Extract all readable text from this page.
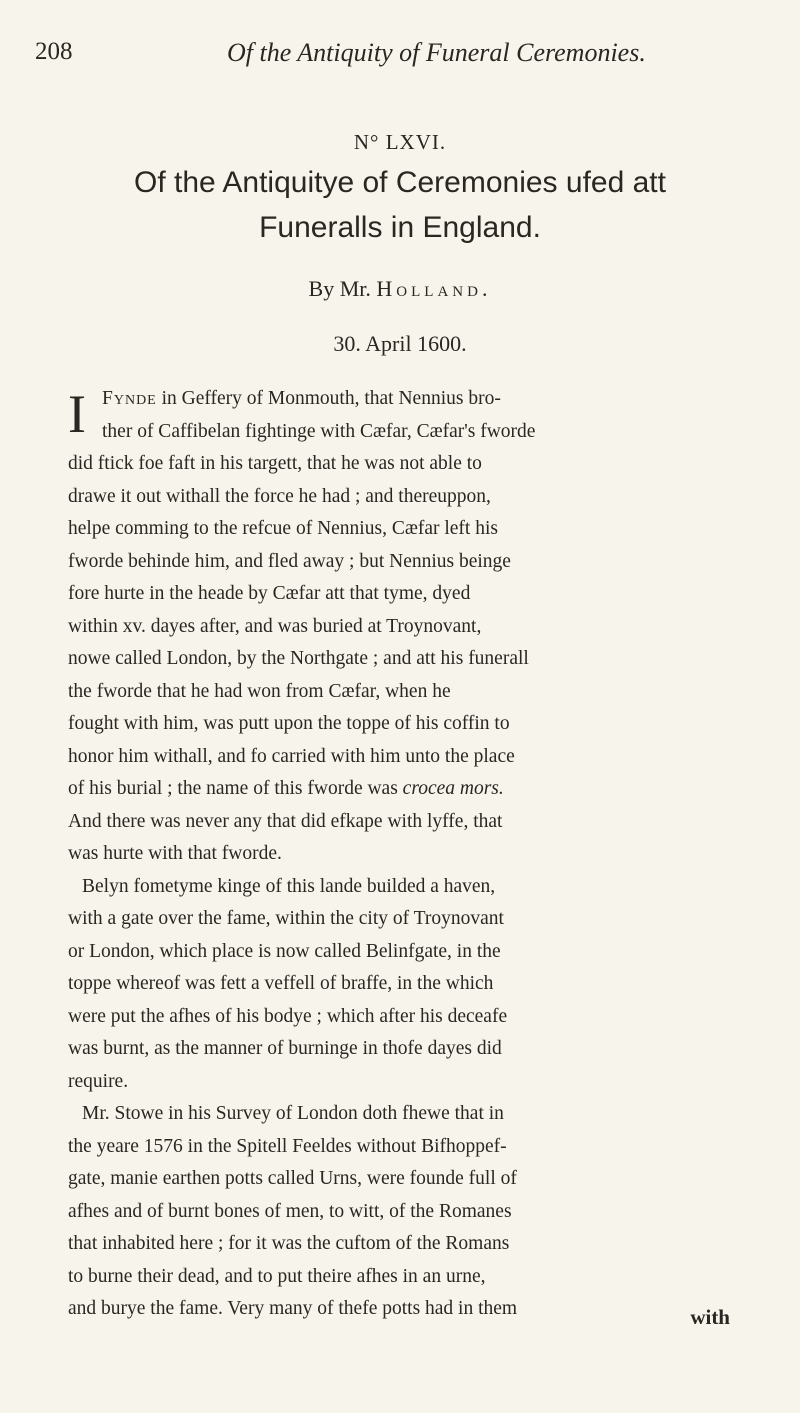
208	Of the Antiquity of Funeral Ceremonies.
N° LXVI.
Of the Antiquitye of Ceremonies ufed att
Funeralls in England.
By Mr. Holland.
30. April 1600.
I Fynde in Geffery of Monmouth, that Nennius bro-
ther of Caffibelan fightinge with Cæfar, Cæfar's fworde
did ftick foe faft in his targett, that he was not able to
drawe it out withall the force he had ; and thereuppon,
helpe comming to the refcue of Nennius, Cæfar left his
fworde behinde him, and fled away ; but Nennius beinge
fore hurte in the heade by Cæfar att that tyme, dyed
within xv. dayes after, and was buried at Troynovant,
nowe called London, by the Northgate ; and att his funerall
the fworde that he had won from Cæfar, when he
fought with him, was putt upon the toppe of his coffin to
honor him withall, and fo carried with him unto the place
of his burial ; the name of this fworde was crocea mors.
And there was never any that did efkape with lyffe, that
was hurte with that fworde.
Belyn fometyme kinge of this lande builded a haven,
with a gate over the fame, within the city of Troynovant
or London, which place is now called Belinfgate, in the
toppe whereof was fett a veffell of braffe, in the which
were put the afhes of his bodye ; which after his deceafe
was burnt, as the manner of burninge in thofe dayes did
require.
Mr. Stowe in his Survey of London doth fhewe that in
the yeare 1576 in the Spitell Feeldes without Bifhoppef-
gate, manie earthen potts called Urns, were founde full of
afhes and of burnt bones of men, to witt, of the Romanes
that inhabited here ; for it was the cuftom of the Romans
to burne their dead, and to put theire afhes in an urne,
and burye the fame. Very many of thefe potts had in them	with
